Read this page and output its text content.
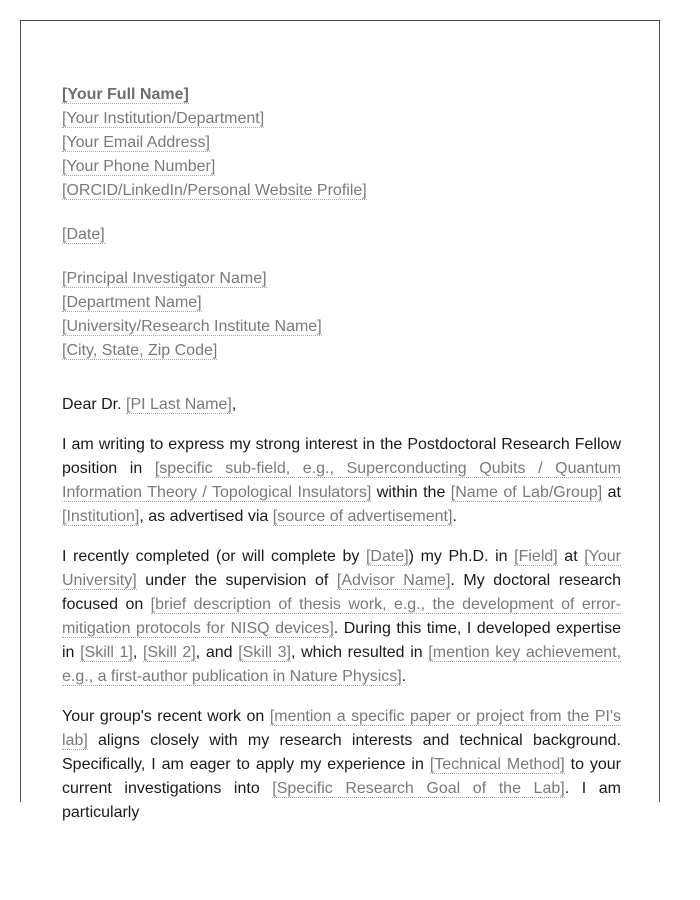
[Your Full Name]
[Your Institution/Department]
[Your Email Address]
[Your Phone Number]
[ORCID/LinkedIn/Personal Website Profile]
[Date]
[Principal Investigator Name]
[Department Name]
[University/Research Institute Name]
[City, State, Zip Code]
Dear Dr. [PI Last Name],

I am writing to express my strong interest in the Postdoctoral Research Fellow position in [specific sub-field, e.g., Superconducting Qubits / Quantum Information Theory / Topological Insulators] within the [Name of Lab/Group] at [Institution], as advertised via [source of advertisement].

I recently completed (or will complete by [Date]) my Ph.D. in [Field] at [Your University] under the supervision of [Advisor Name]. My doctoral research focused on [brief description of thesis work, e.g., the development of error-mitigation protocols for NISQ devices]. During this time, I developed expertise in [Skill 1], [Skill 2], and [Skill 3], which resulted in [mention key achievement, e.g., a first-author publication in Nature Physics].

Your group's recent work on [mention a specific paper or project from the PI's lab] aligns closely with my research interests and technical background. Specifically, I am eager to apply my experience in [Technical Method] to your current investigations into [Specific Research Goal of the Lab]. I am particularly
